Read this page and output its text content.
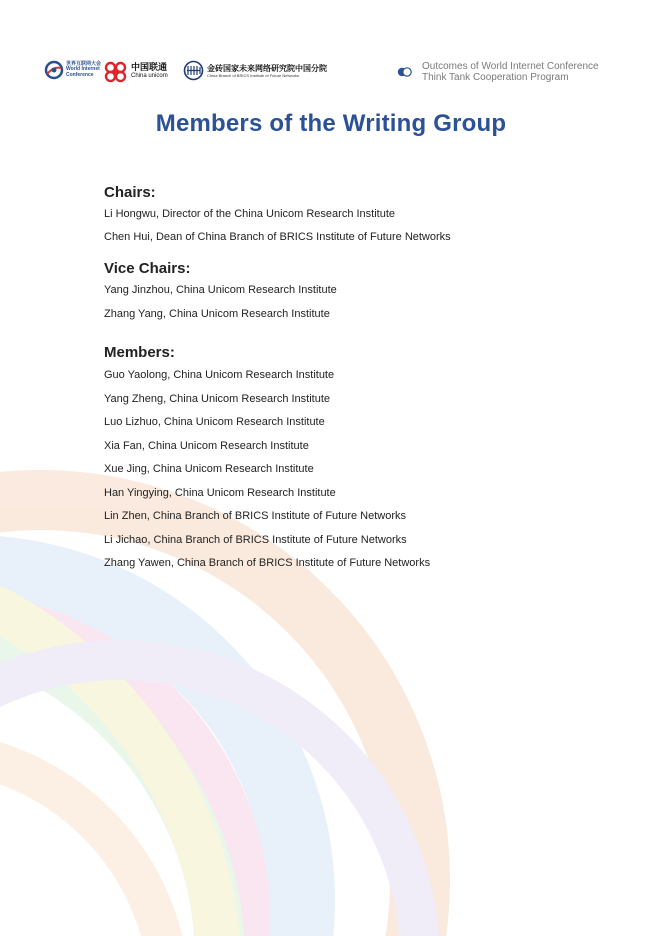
世界互联网大会
World Internet
Conference
中国联通
China unicom
金砖国家未来网络研究院中国分院
China Branch of BRICS Institute of Future Networks
Outcomes of World Internet Conference
Think Tank Cooperation Program
Members of the Writing Group
Chairs:
Li Hongwu, Director of the China Unicom Research Institute
Chen Hui, Dean of China Branch of BRICS Institute of Future Networks
Vice Chairs:
Yang Jinzhou, China Unicom Research Institute
Zhang Yang, China Unicom Research Institute
Members:
Guo Yaolong, China Unicom Research Institute
Yang Zheng, China Unicom Research Institute
Luo Lizhuo, China Unicom Research Institute
Xia Fan, China Unicom Research Institute
Xue Jing, China Unicom Research Institute
Han Yingying, China Unicom Research Institute
Lin Zhen, China Branch of BRICS Institute of Future Networks
Li Jichao, China Branch of BRICS Institute of Future Networks
Zhang Yawen, China Branch of BRICS Institute of Future Networks
